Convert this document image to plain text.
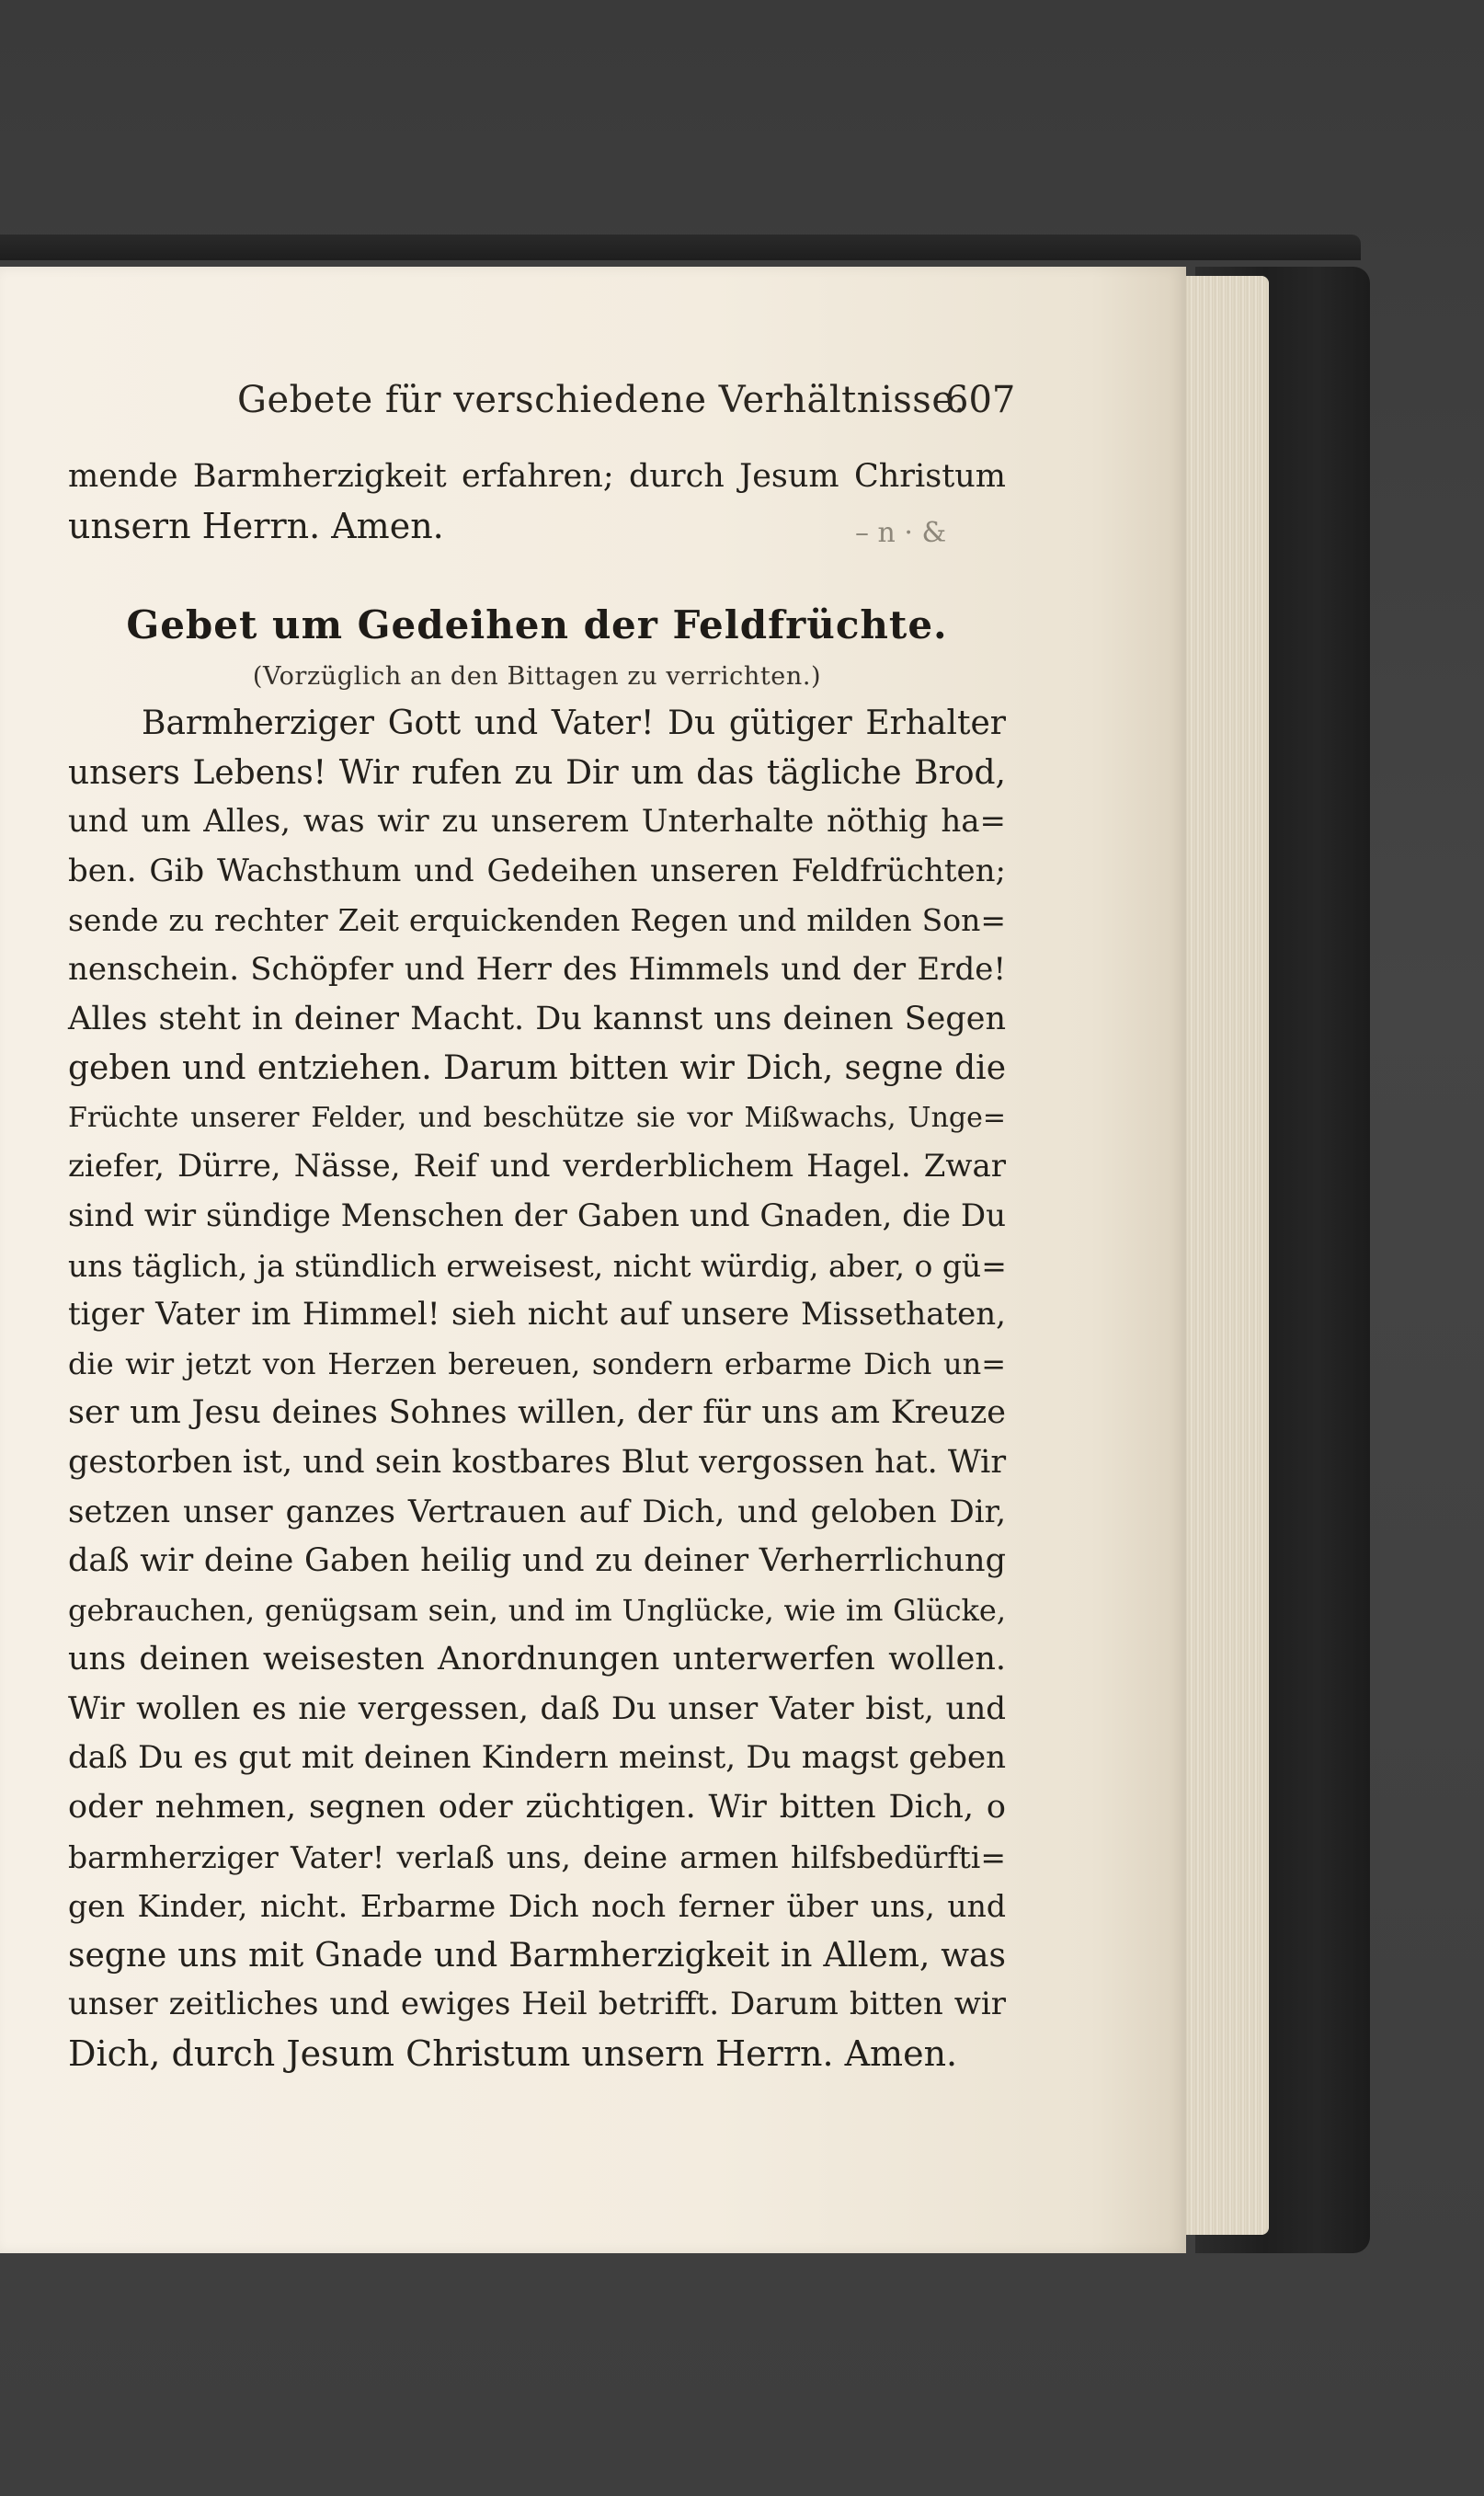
Gebete für verschiedene Verhältnisse.
607
mende Barmherzigkeit erfahren; durch Jesum Christum
unsern Herrn. Amen.	– n · &
Gebet um Gedeihen der Feldfrüchte.
(Vorzüglich an den Bittagen zu verrichten.)
Barmherziger Gott und Vater! Du gütiger Erhalter
unsers Lebens! Wir rufen zu Dir um das tägliche Brod,
und um Alles, was wir zu unserem Unterhalte nöthig ha=
ben. Gib Wachsthum und Gedeihen unseren Feldfrüchten;
sende zu rechter Zeit erquickenden Regen und milden Son=
nenschein. Schöpfer und Herr des Himmels und der Erde!
Alles steht in deiner Macht. Du kannst uns deinen Segen
geben und entziehen. Darum bitten wir Dich, segne die
Früchte unserer Felder, und beschütze sie vor Mißwachs, Unge=
ziefer, Dürre, Nässe, Reif und verderblichem Hagel. Zwar
sind wir sündige Menschen der Gaben und Gnaden, die Du
uns täglich, ja stündlich erweisest, nicht würdig, aber, o gü=
tiger Vater im Himmel! sieh nicht auf unsere Missethaten,
die wir jetzt von Herzen bereuen, sondern erbarme Dich un=
ser um Jesu deines Sohnes willen, der für uns am Kreuze
gestorben ist, und sein kostbares Blut vergossen hat. Wir
setzen unser ganzes Vertrauen auf Dich, und geloben Dir,
daß wir deine Gaben heilig und zu deiner Verherrlichung
gebrauchen, genügsam sein, und im Unglücke, wie im Glücke,
uns deinen weisesten Anordnungen unterwerfen wollen.
Wir wollen es nie vergessen, daß Du unser Vater bist, und
daß Du es gut mit deinen Kindern meinst, Du magst geben
oder nehmen, segnen oder züchtigen. Wir bitten Dich, o
barmherziger Vater! verlaß uns, deine armen hilfsbedürfti=
gen Kinder, nicht. Erbarme Dich noch ferner über uns, und
segne uns mit Gnade und Barmherzigkeit in Allem, was
unser zeitliches und ewiges Heil betrifft. Darum bitten wir
Dich, durch Jesum Christum unsern Herrn. Amen.
